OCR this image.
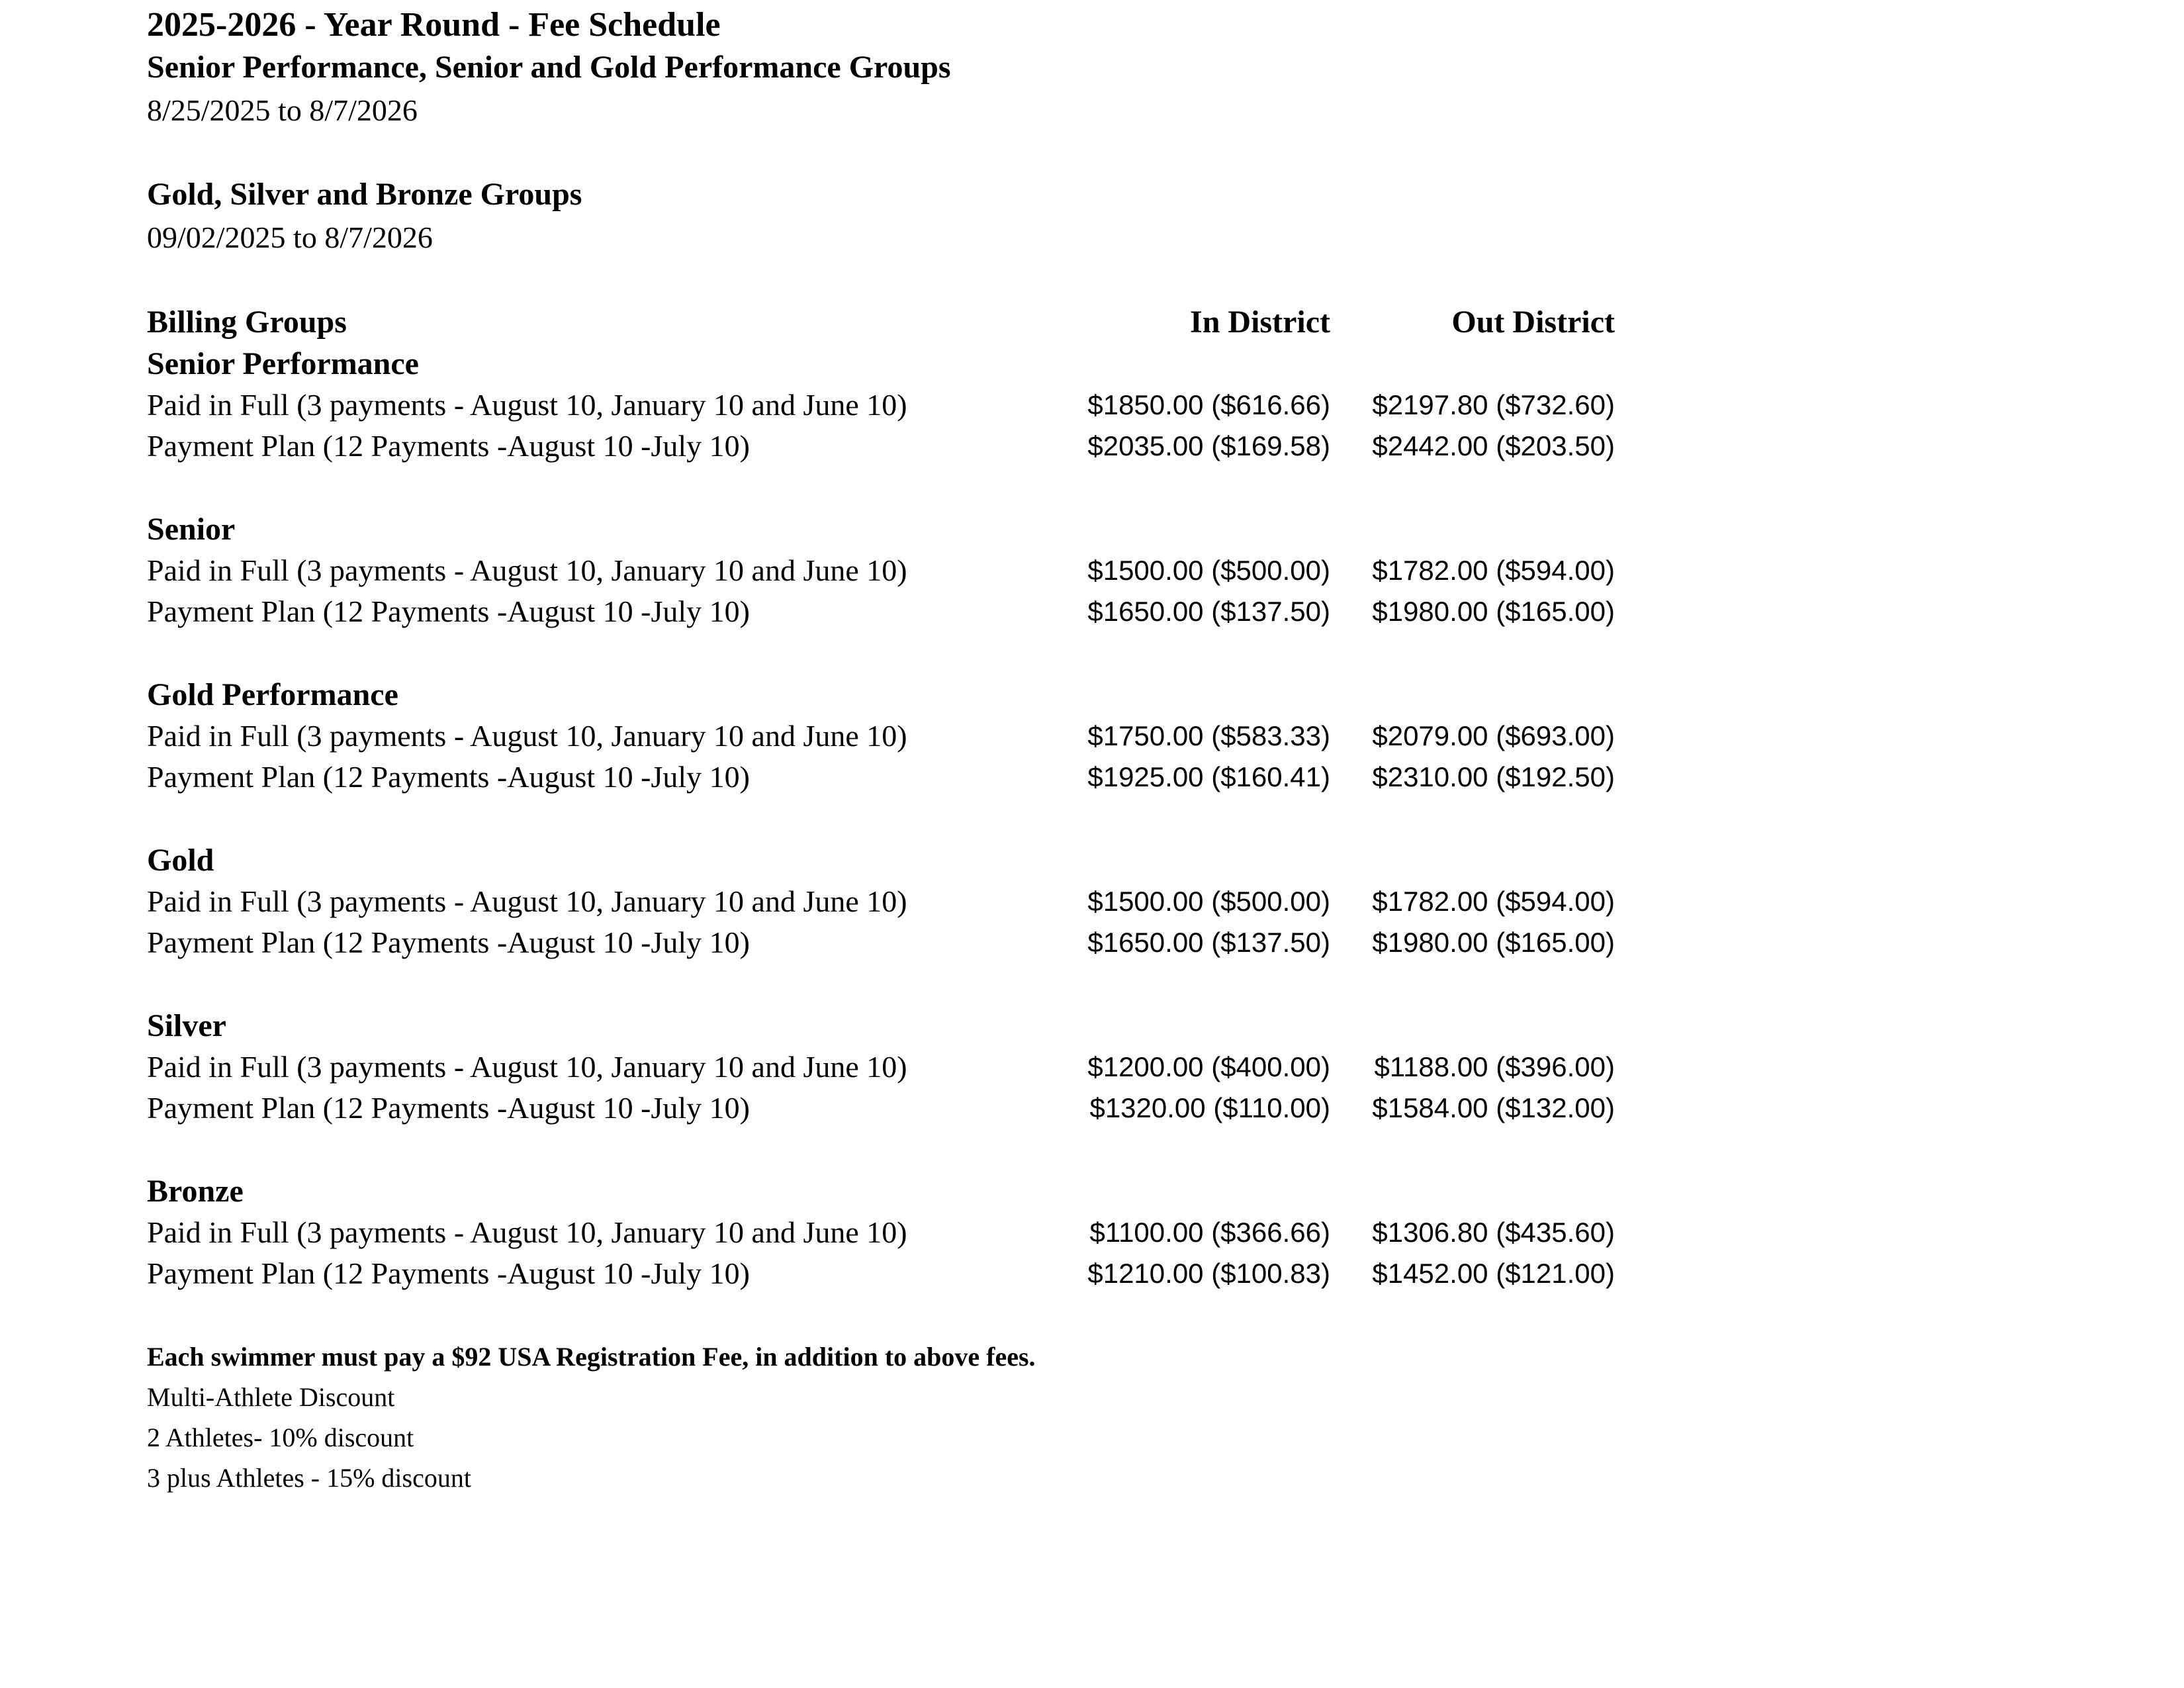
2025-2026 - Year Round - Fee Schedule
Senior Performance, Senior and Gold Performance Groups
8/25/2025 to 8/7/2026
Gold, Silver and Bronze Groups
09/02/2025 to 8/7/2026
Billing Groups	In District	Out District
Senior Performance
Paid in Full (3 payments - August 10, January 10 and June 10)	$1850.00 ($616.66) $2197.80 ($732.60)
Payment Plan (12 Payments -August 10 -July 10)	$2035.00 ($169.58) $2442.00 ($203.50)
Senior
Paid in Full (3 payments - August 10, January 10 and June 10)	$1500.00 ($500.00) $1782.00 ($594.00)
Payment Plan (12 Payments -August 10 -July 10)	$1650.00 ($137.50) $1980.00 ($165.00)
Gold Performance
Paid in Full (3 payments - August 10, January 10 and June 10)	$1750.00 ($583.33) $2079.00 ($693.00)
Payment Plan (12 Payments -August 10 -July 10)	$1925.00 ($160.41) $2310.00 ($192.50)
Gold
Paid in Full (3 payments - August 10, January 10 and June 10)	$1500.00 ($500.00) $1782.00 ($594.00)
Payment Plan (12 Payments -August 10 -July 10)	$1650.00 ($137.50) $1980.00 ($165.00)
Silver
Paid in Full (3 payments - August 10, January 10 and June 10)	$1200.00 ($400.00) $1188.00 ($396.00)
Payment Plan (12 Payments -August 10 -July 10)	$1320.00 ($110.00) $1584.00 ($132.00)
Bronze
Paid in Full (3 payments - August 10, January 10 and June 10)	$1100.00 ($366.66) $1306.80 ($435.60)
Payment Plan (12 Payments -August 10 -July 10)	$1210.00 ($100.83) $1452.00 ($121.00)
Each swimmer must pay a $92 USA Registration Fee, in addition to above fees.
Multi-Athlete Discount
2 Athletes- 10% discount
3 plus Athletes - 15% discount
